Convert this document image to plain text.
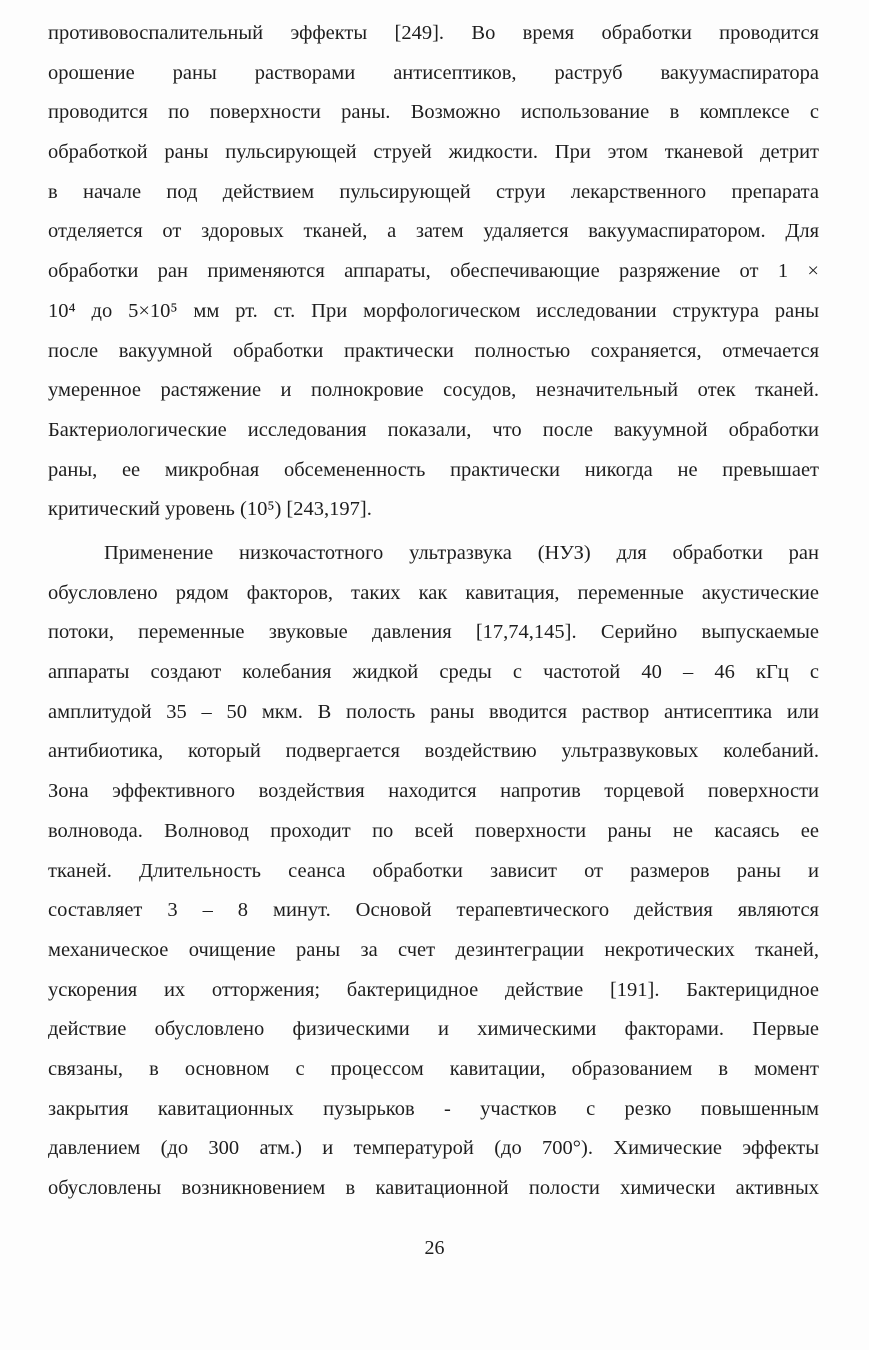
противовоспалительный эффекты [249]. Во время обработки проводится
орошение раны растворами антисептиков, раструб вакуумаспиратора
проводится по поверхности раны. Возможно использование в комплексе с
обработкой раны пульсирующей струей жидкости. При этом тканевой детрит
в начале под действием пульсирующей струи лекарственного препарата
отделяется от здоровых тканей, а затем удаляется вакуумаспиратором. Для
обработки ран применяются аппараты, обеспечивающие разряжение от 1 ×
10⁴ до 5×10⁵ мм рт. ст. При морфологическом исследовании структура раны
после вакуумной обработки практически полностью сохраняется, отмечается
умеренное растяжение и полнокровие сосудов, незначительный отек тканей.
Бактериологические исследования показали, что после вакуумной обработки
раны, ее микробная обсемененность практически никогда не превышает
критический уровень (10⁵) [243,197].
Применение низкочастотного ультразвука (НУЗ) для обработки ран
обусловлено рядом факторов, таких как кавитация, переменные акустические
потоки, переменные звуковые давления [17,74,145]. Серийно выпускаемые
аппараты создают колебания жидкой среды с частотой 40 – 46 кГц с
амплитудой 35 – 50 мкм. В полость раны вводится раствор антисептика или
антибиотика, который подвергается воздействию ультразвуковых колебаний.
Зона эффективного воздействия находится напротив торцевой поверхности
волновода. Волновод проходит по всей поверхности раны не касаясь ее
тканей. Длительность сеанса обработки зависит от размеров раны и
составляет 3 – 8 минут. Основой терапевтического действия являются
механическое очищение раны за счет дезинтеграции некротических тканей,
ускорения их отторжения; бактерицидное действие [191]. Бактерицидное
действие обусловлено физическими и химическими факторами. Первые
связаны, в основном с процессом кавитации, образованием в момент
закрытия кавитационных пузырьков - участков с резко повышенным
давлением (до 300 атм.) и температурой (до 700°). Химические эффекты
обусловлены возникновением в кавитационной полости химически активных
26
